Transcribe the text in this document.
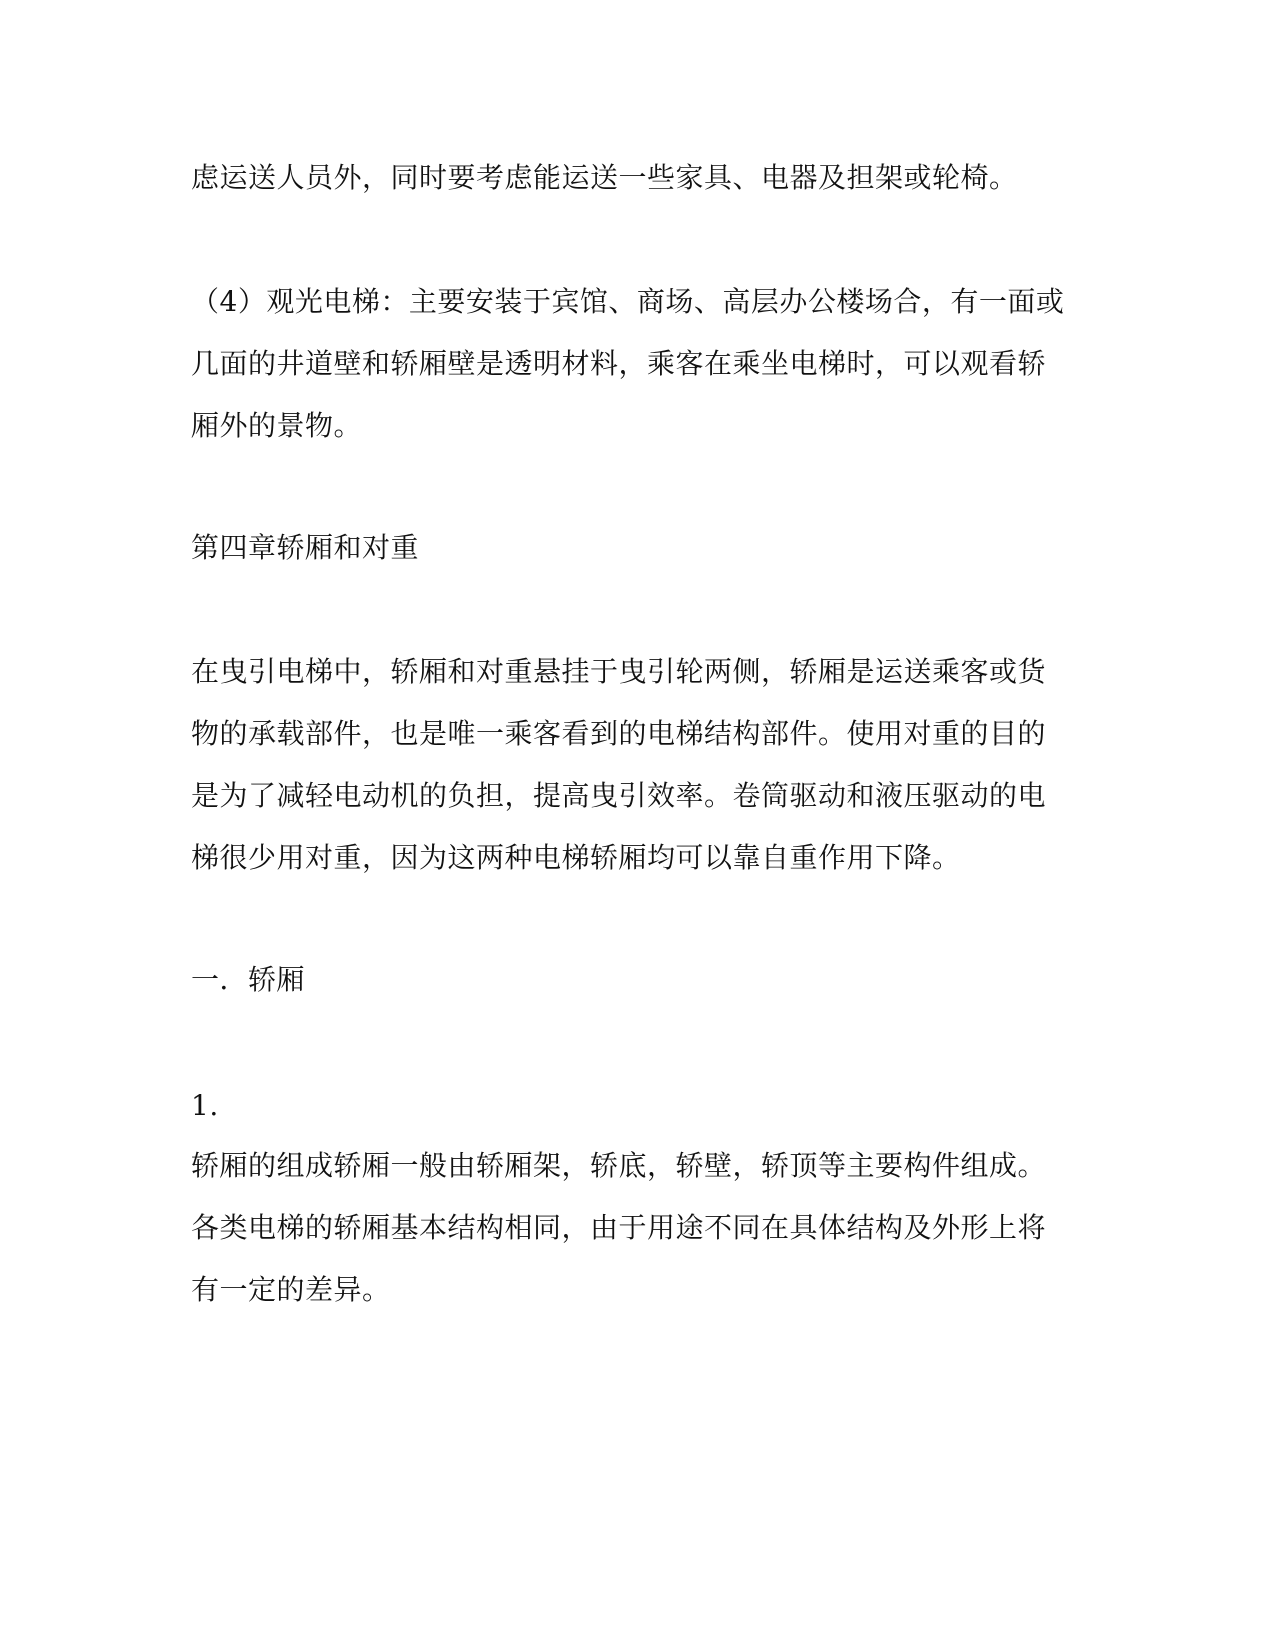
虑运送人员外，同时要考虑能运送一些家具、电器及担架或轮椅。
（4）观光电梯：主要安装于宾馆、商场、高层办公楼场合，有一面或
几面的井道壁和轿厢壁是透明材料，乘客在乘坐电梯时，可以观看轿
厢外的景物。
第四章轿厢和对重
在曳引电梯中，轿厢和对重悬挂于曳引轮两侧，轿厢是运送乘客或货
物的承载部件，也是唯一乘客看到的电梯结构部件。使用对重的目的
是为了减轻电动机的负担，提高曳引效率。卷筒驱动和液压驱动的电
梯很少用对重，因为这两种电梯轿厢均可以靠自重作用下降。
一．轿厢
1.
轿厢的组成轿厢一般由轿厢架，轿底，轿壁，轿顶等主要构件组成。
各类电梯的轿厢基本结构相同，由于用途不同在具体结构及外形上将
有一定的差异。
